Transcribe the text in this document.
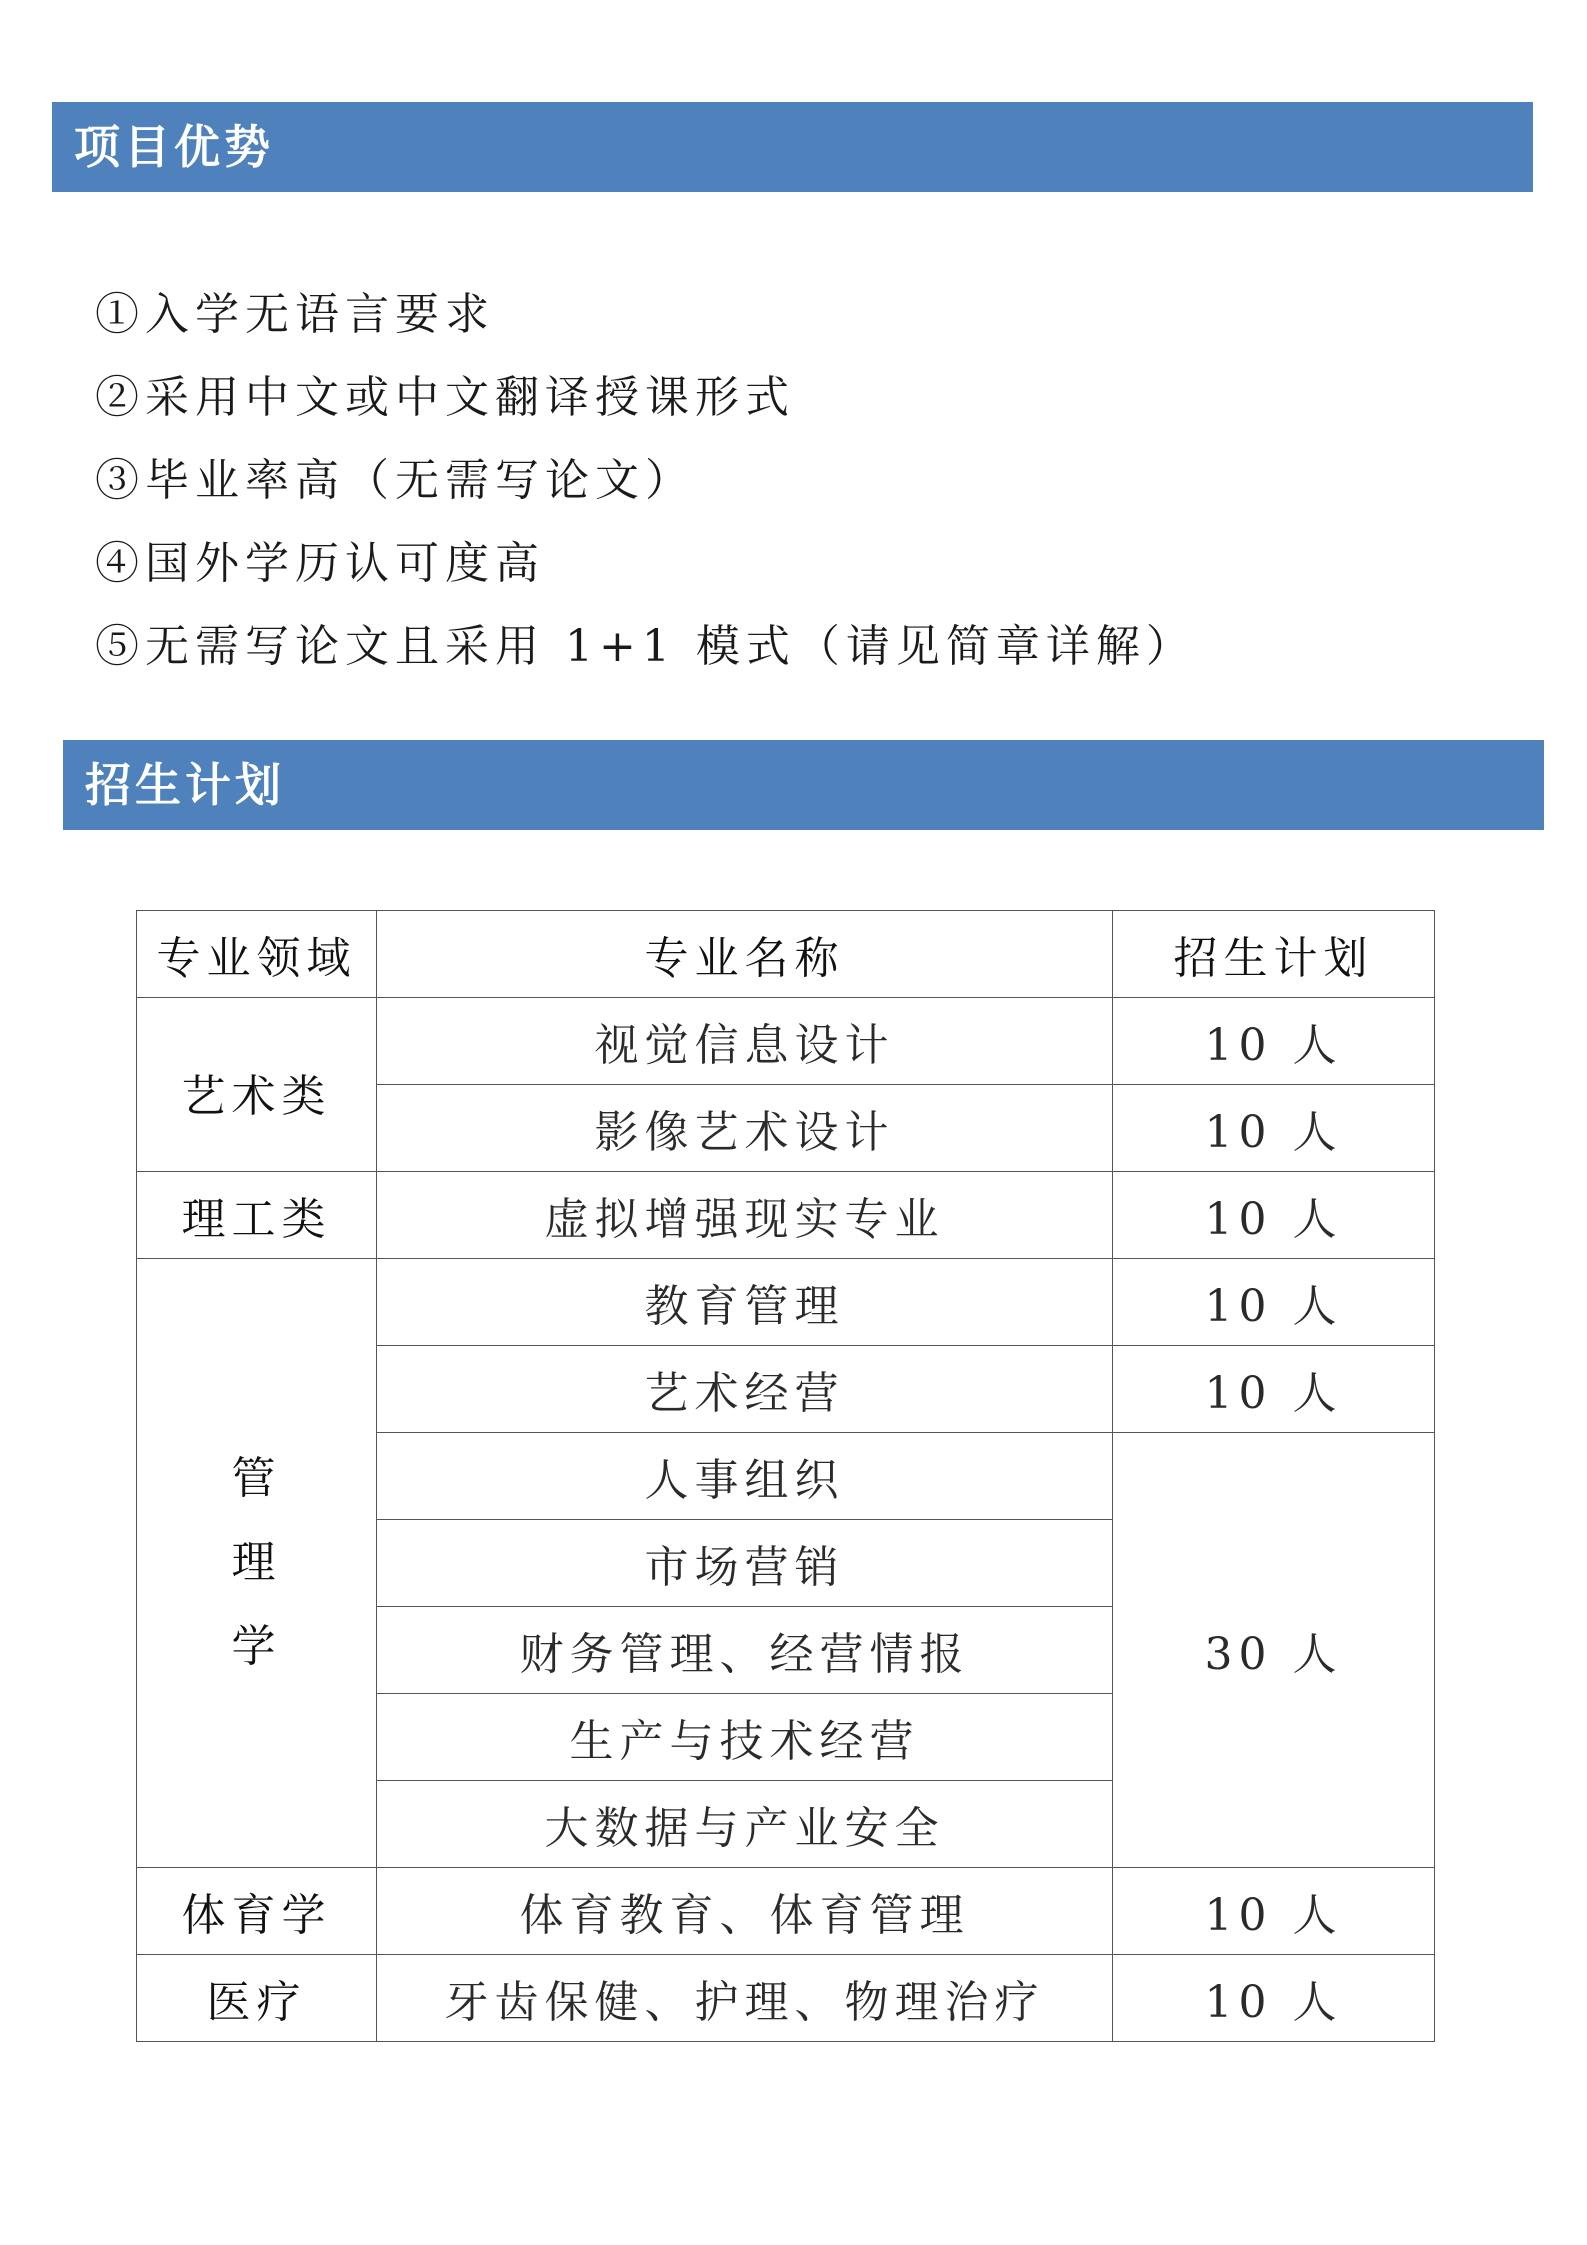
项目优势
①入学无语言要求
②采用中文或中文翻译授课形式
③毕业率高（无需写论文）
④国外学历认可度高
⑤无需写论文且采用 1+1 模式（请见简章详解）
招生计划
专业领域	专业名称	招生计划
艺术类	视觉信息设计	10 人
	影像艺术设计	10 人
理工类	虚拟增强现实专业	10 人

管
理
学	教育管理	10 人
	艺术经营	10 人
	人事组织	30 人
	市场营销	
	财务管理、经营情报	
	生产与技术经营	
	大数据与产业安全	
体育学	体育教育、体育管理	10 人
医疗	牙齿保健、护理、物理治疗	10 人
